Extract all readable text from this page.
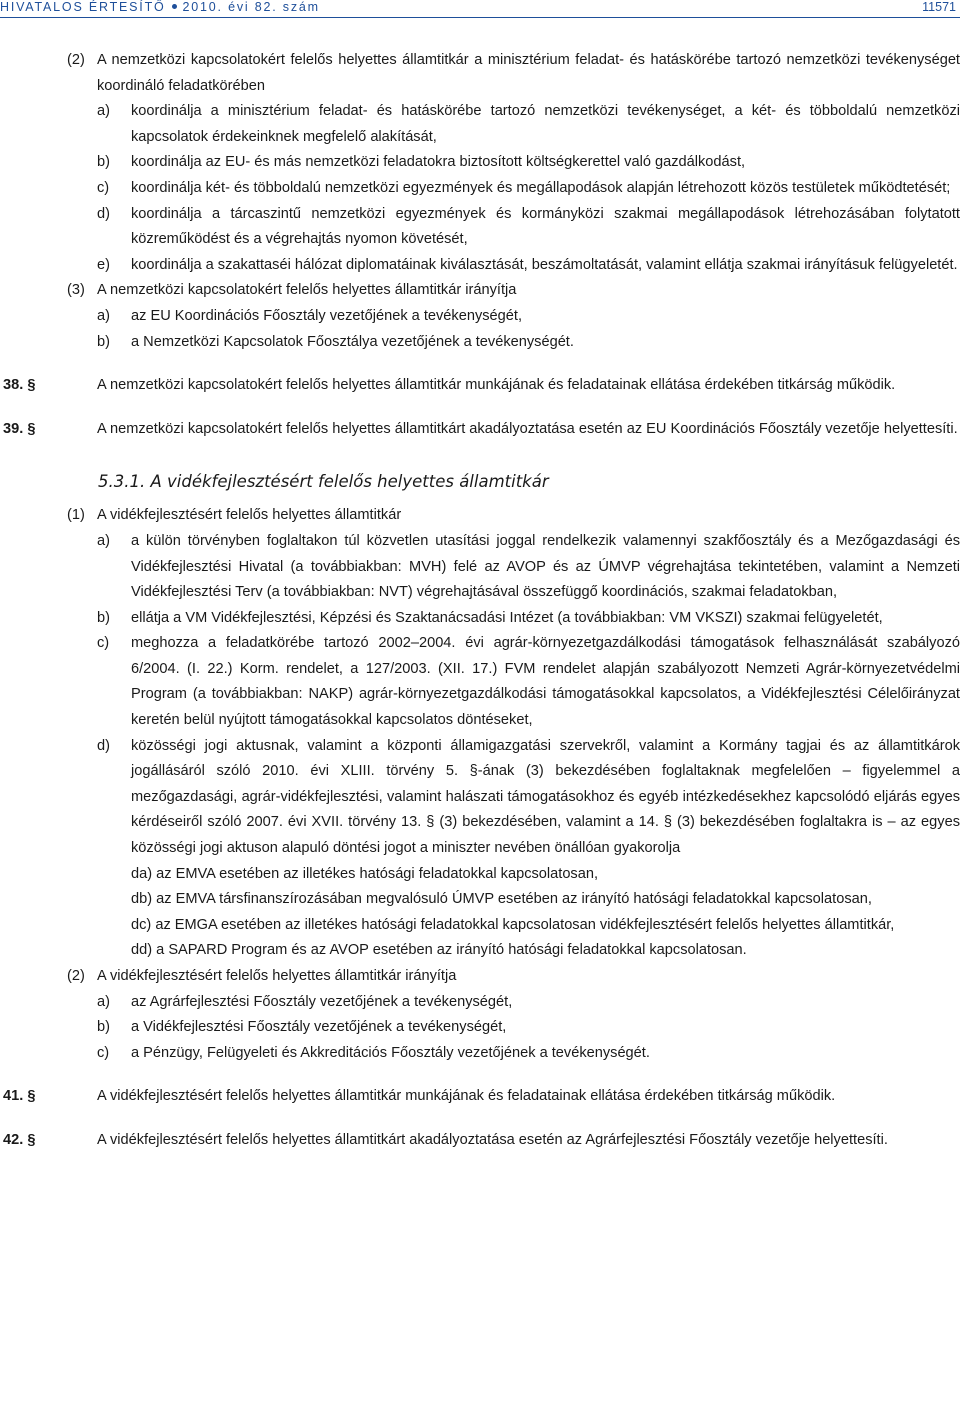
HIVATALOS ÉRTESÍTŐ 2010. évi 82. szám	11571
(2) A nemzetközi kapcsolatokért felelős helyettes államtitkár a minisztérium feladat- és hatáskörébe tartozó nemzetközi tevékenységet koordináló feladatkörében
a) koordinálja a minisztérium feladat- és hatáskörébe tartozó nemzetközi tevékenységet, a két- és többoldalú nemzetközi kapcsolatok érdekeinknek megfelelő alakítását,
b) koordinálja az EU- és más nemzetközi feladatokra biztosított költségkerettel való gazdálkodást,
c) koordinálja két- és többoldalú nemzetközi egyezmények és megállapodások alapján létrehozott közös testületek működtetését;
d) koordinálja a tárcaszintű nemzetközi egyezmények és kormányközi szakmai megállapodások létrehozásában folytatott közreműködést és a végrehajtás nyomon követését,
e) koordinálja a szakattaséi hálózat diplomatáinak kiválasztását, beszámoltatását, valamint ellátja szakmai irányításuk felügyeletét.
(3) A nemzetközi kapcsolatokért felelős helyettes államtitkár irányítja
a) az EU Koordinációs Főosztály vezetőjének a tevékenységét,
b) a Nemzetközi Kapcsolatok Főosztálya vezetőjének a tevékenységét.
38. §	A nemzetközi kapcsolatokért felelős helyettes államtitkár munkájának és feladatainak ellátása érdekében titkárság működik.
39. §	A nemzetközi kapcsolatokért felelős helyettes államtitkárt akadályoztatása esetén az EU Koordinációs Főosztály vezetője helyettesíti.
5.3.1. A vidékfejlesztésért felelős helyettes államtitkár
(1) A vidékfejlesztésért felelős helyettes államtitkár
a) a külön törvényben foglaltakon túl közvetlen utasítási joggal rendelkezik valamennyi szakfőosztály és a Mezőgazdasági és Vidékfejlesztési Hivatal (a továbbiakban: MVH) felé az AVOP és az ÚMVP végrehajtása tekintetében, valamint a Nemzeti Vidékfejlesztési Terv (a továbbiakban: NVT) végrehajtásával összefüggő koordinációs, szakmai feladatokban,
b) ellátja a VM Vidékfejlesztési, Képzési és Szaktanácsadási Intézet (a továbbiakban: VM VKSZI) szakmai felügyeletét,
c) meghozza a feladatkörébe tartozó 2002–2004. évi agrár-környezetgazdálkodási támogatások felhasználását szabályozó 6/2004. (I. 22.) Korm. rendelet, a 127/2003. (XII. 17.) FVM rendelet alapján szabályozott Nemzeti Agrár-környezetvédelmi Program (a továbbiakban: NAKP) agrár-környezetgazdálkodási támogatásokkal kapcsolatos, a Vidékfejlesztési Célelőirányzat keretén belül nyújtott támogatásokkal kapcsolatos döntéseket,
d) közösségi jogi aktusnak, valamint a központi államigazgatási szervekről, valamint a Kormány tagjai és az államtitkárok jogállásáról szóló 2010. évi XLIII. törvény 5. §-ának (3) bekezdésében foglaltaknak megfelelően – figyelemmel a mezőgazdasági, agrár-vidékfejlesztési, valamint halászati támogatásokhoz és egyéb intézkedésekhez kapcsolódó eljárás egyes kérdéseiről szóló 2007. évi XVII. törvény 13. § (3) bekezdésében, valamint a 14. § (3) bekezdésében foglaltakra is – az egyes közösségi jogi aktuson alapuló döntési jogot a miniszter nevében önállóan gyakorolja
da) az EMVA esetében az illetékes hatósági feladatokkal kapcsolatosan,
db) az EMVA társfinanszírozásában megvalósuló ÚMVP esetében az irányító hatósági feladatokkal kapcsolatosan,
dc) az EMGA esetében az illetékes hatósági feladatokkal kapcsolatosan vidékfejlesztésért felelős helyettes államtitkár,
dd) a SAPARD Program és az AVOP esetében az irányító hatósági feladatokkal kapcsolatosan.
(2) A vidékfejlesztésért felelős helyettes államtitkár irányítja
a) az Agrárfejlesztési Főosztály vezetőjének a tevékenységét,
b) a Vidékfejlesztési Főosztály vezetőjének a tevékenységét,
c) a Pénzügy, Felügyeleti és Akkreditációs Főosztály vezetőjének a tevékenységét.
41. §	A vidékfejlesztésért felelős helyettes államtitkár munkájának és feladatainak ellátása érdekében titkárság működik.
42. §	A vidékfejlesztésért felelős helyettes államtitkárt akadályoztatása esetén az Agrárfejlesztési Főosztály vezetője helyettesíti.
